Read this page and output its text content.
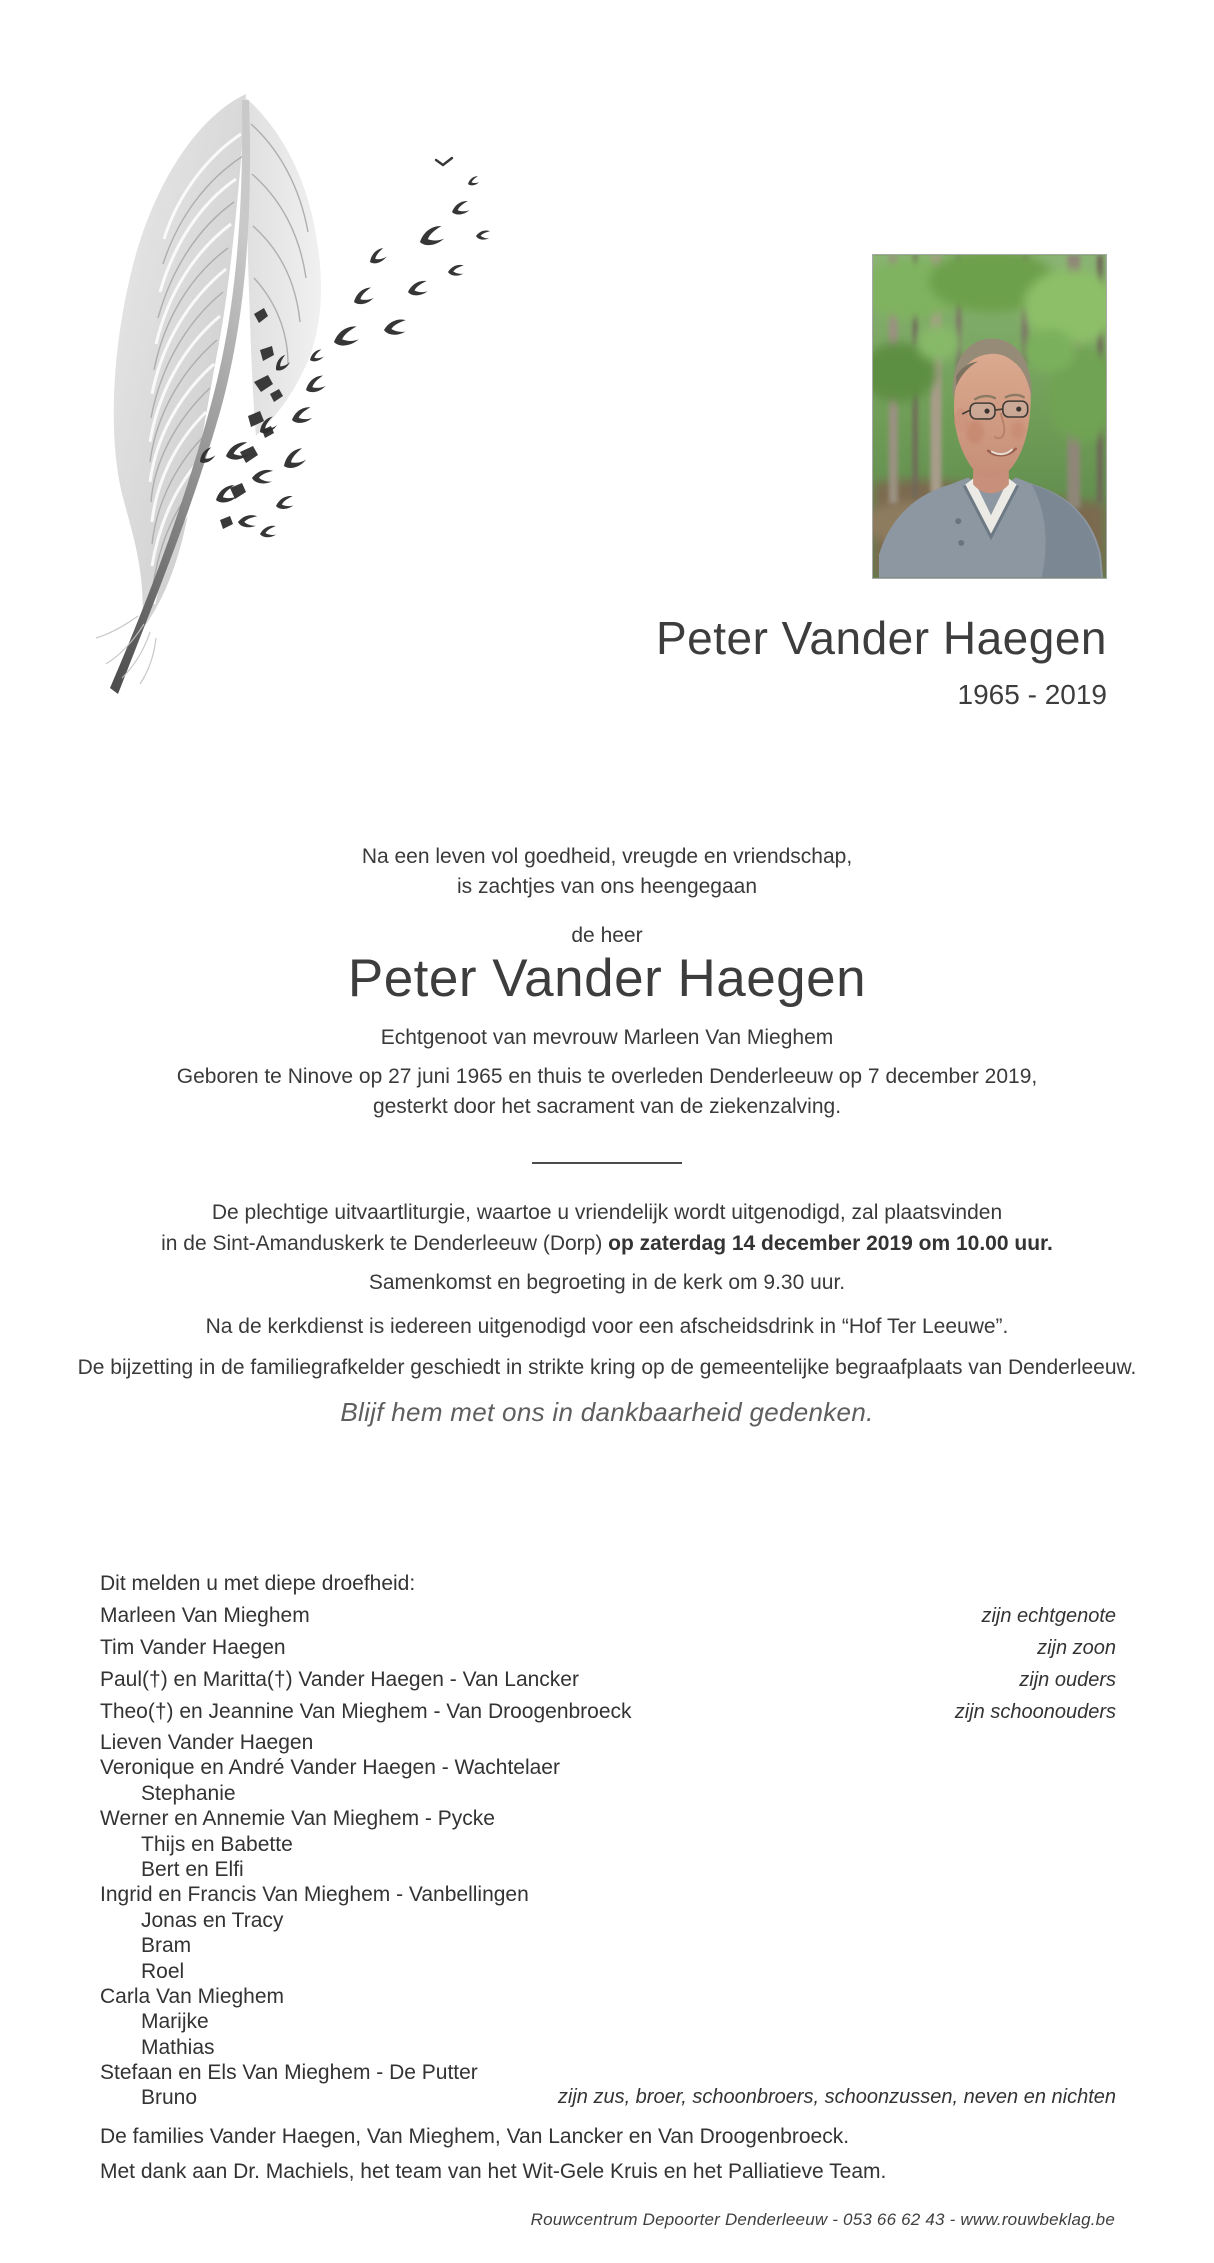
Peter Vander Haegen
1965 - 2019
Na een leven vol goedheid, vreugde en vriendschap,
is zachtjes van ons heengegaan
de heer
Peter Vander Haegen
Echtgenoot van mevrouw Marleen Van Mieghem
Geboren te Ninove op 27 juni 1965 en thuis te overleden Denderleeuw op 7 december 2019,
gesterkt door het sacrament van de ziekenzalving.
De plechtige uitvaartliturgie, waartoe u vriendelijk wordt uitgenodigd, zal plaatsvinden
in de Sint-Amanduskerk te Denderleeuw (Dorp) op zaterdag 14 december 2019 om 10.00 uur.
Samenkomst en begroeting in de kerk om 9.30 uur.
Na de kerkdienst is iedereen uitgenodigd voor een afscheidsdrink in “Hof Ter Leeuwe”.
De bijzetting in de familiegrafkelder geschiedt in strikte kring op de gemeentelijke begraafplaats van Denderleeuw.
Blijf hem met ons in dankbaarheid gedenken.
Dit melden u met diepe droefheid:
Marleen Van Mieghem	zijn echtgenote
Tim Vander Haegen	zijn zoon
Paul(†) en Maritta(†) Vander Haegen - Van Lancker	zijn ouders
Theo(†) en Jeannine Van Mieghem - Van Droogenbroeck	zijn schoonouders
Lieven Vander Haegen
Veronique en André Vander Haegen - Wachtelaer
Stephanie
Werner en Annemie Van Mieghem - Pycke
Thijs en Babette
Bert en Elfi
Ingrid en Francis Van Mieghem - Vanbellingen
Jonas en Tracy
Bram
Roel
Carla Van Mieghem
Marijke
Mathias
Stefaan en Els Van Mieghem - De Putter
Bruno	zijn zus, broer, schoonbroers, schoonzussen, neven en nichten
De families Vander Haegen, Van Mieghem, Van Lancker en Van Droogenbroeck.
Met dank aan Dr. Machiels, het team van het Wit-Gele Kruis en het Palliatieve Team.
Rouwcentrum Depoorter Denderleeuw - 053 66 62 43 - www.rouwbeklag.be
